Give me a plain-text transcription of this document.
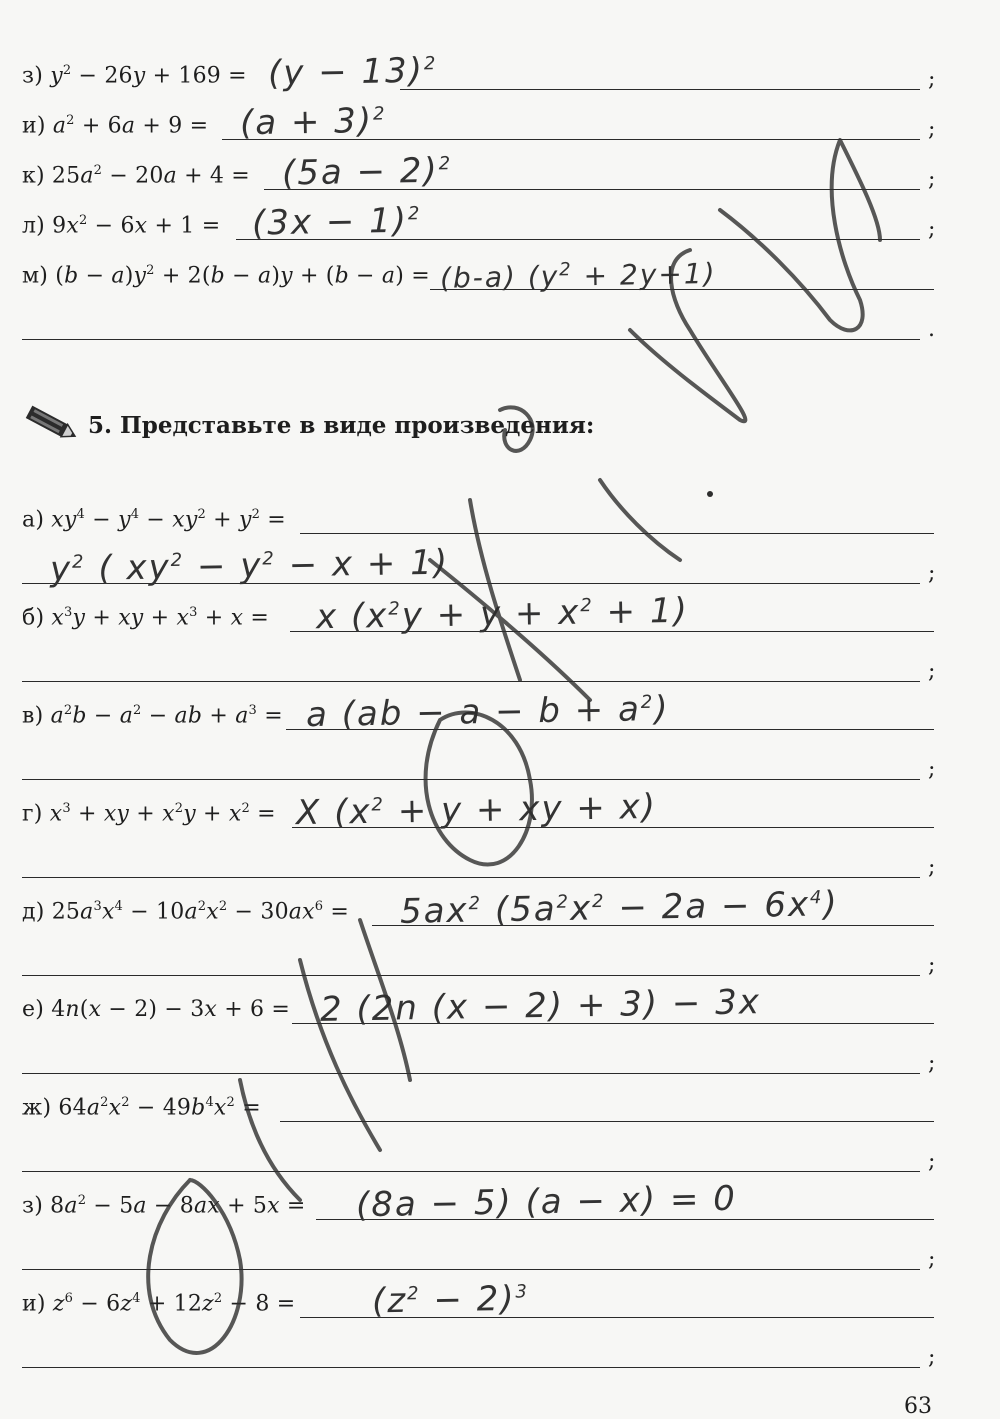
з) $y^2 - 26y + 169 = (y - 13)^2$
;
и) $a^2 + 6a + 9 = (a + 3)^2$
;
к) $25a^2 - 20a + 4 = (5a - 2)^2$
;
л) $9x^2 - 6x + 1 = (3x - 1)^2$
;
м) $(b - a)y^2 + 2(b - a)y + (b - a) = (b-a)$ $(y^2 + 2y+1)$
.
5. Представьте в виде произведения:
а) $xy^4 - y^4 - xy^2 + y^2$ =
;
$y^2$ ( $xy^2 - y^2 - x + 1$)
б) $x^3y$ + xy + $x^3 + x = x$ $(x^2y + y + x^2 + 1)$
;
в) $a^2b - a^2$ − ab + $a^3 = a$ $(ab - a - b + a^2)$
;
г) $x^3$ + xy + $x^2y + x^2 = X$ ($x^2 + y$ + xy + x)
;
д) $25a^3x^4 - 10a^2x^2 - 30ax^6 = 5ax^2$ $(5a^2x^2 - 2a - 6x^4)$
;
е) 4n(x − 2) − 3x + 6 = 2 (2n (x − 2) + 3) − 3x
;
ж) $64a^2x^2 - 49b^4x^2$ =
;
з) $8a^2 - 5a - 8ax + 5x = (8a - 5) (a - x) = 0$
;
и) $z^6 - 6z^4 + 12z^2 - 8 = (z^2 - 2)^3$
;
63
